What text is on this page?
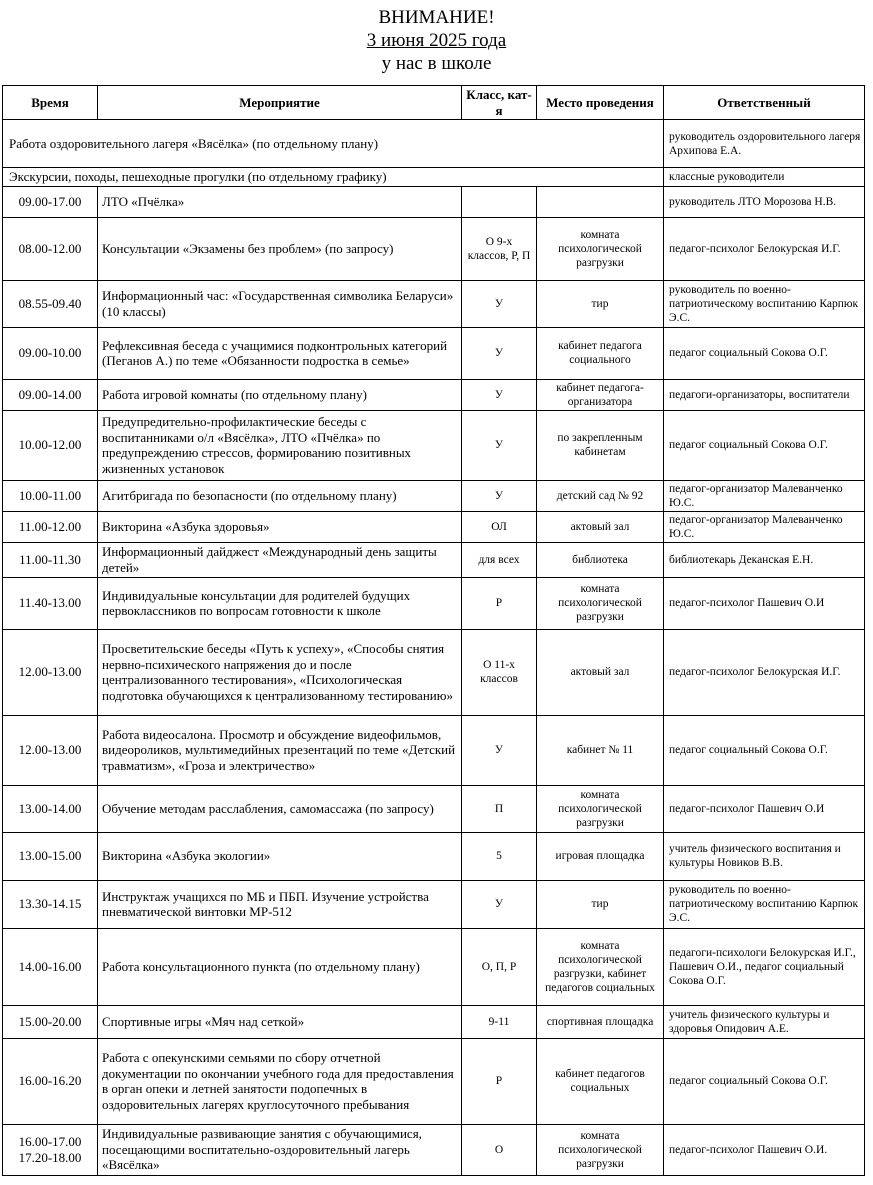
ВНИМАНИЕ!
3 июня 2025 года
у нас в школе
Время	Мероприятие	Класс, кат-я	Место проведения	Ответственный
Работа оздоровительного лагеря «Вясёлка» (по отдельному плану)				руководитель оздоровительного лагеря Архипова Е.А.
Экскурсии, походы, пешеходные прогулки (по отдельному графику)				классные руководители
09.00-17.00	ЛТО «Пчёлка»			руководитель ЛТО Морозова Н.В.
08.00-12.00	Консультации «Экзамены без проблем» (по запросу)	О 9-х классов, Р, П	комната психологической разгрузки	педагог-психолог Белокурская И.Г.
08.55-09.40	Информационный час: «Государственная символика Беларуси» (10 классы)	У	тир	руководитель по военно-патриотическому воспитанию Карпюк Э.С.
09.00-10.00	Рефлексивная беседа с учащимися подконтрольных категорий (Пеганов А.) по теме «Обязанности подростка в семье»	У	кабинет педагога социального	педагог социальный Сокова О.Г.
09.00-14.00	Работа игровой комнаты (по отдельному плану)	У	кабинет педагога-организатора	педагоги-организаторы, воспитатели
10.00-12.00	Предупредительно-профилактические беседы с воспитанниками о/л «Вясёлка», ЛТО «Пчёлка» по предупреждению стрессов, формированию позитивных жизненных установок	У	по закрепленным кабинетам	педагог социальный Сокова О.Г.
10.00-11.00	Агитбригада по безопасности (по отдельному плану)	У	детский сад № 92	педагог-организатор Малеванченко Ю.С.
11.00-12.00	Викторина «Азбука здоровья»	ОЛ	актовый зал	педагог-организатор Малеванченко Ю.С.
11.00-11.30	Информационный дайджест «Международный день защиты детей»	для всех	библиотека	библиотекарь Деканская Е.Н.
11.40-13.00	Индивидуальные консультации для родителей будущих первоклассников по вопросам готовности к школе	Р	комната психологической разгрузки	педагог-психолог Пашевич О.И
12.00-13.00	Просветительские беседы «Путь к успеху», «Способы снятия нервно-психического напряжения до и после централизованного тестирования», «Психологическая подготовка обучающихся к централизованному тестированию»	О 11-х классов	актовый зал	педагог-психолог Белокурская И.Г.
12.00-13.00	Работа видеосалона. Просмотр и обсуждение видеофильмов, видеороликов, мультимедийных презентаций по теме «Детский травматизм», «Гроза и электричество»	У	кабинет № 11	педагог социальный Сокова О.Г.
13.00-14.00	Обучение методам расслабления, самомассажа (по запросу)	П	комната психологической разгрузки	педагог-психолог Пашевич О.И
13.00-15.00	Викторина «Азбука экологии»	5	игровая площадка	учитель физического воспитания и культуры Новиков В.В.
13.30-14.15	Инструктаж учащихся по МБ и ПБП. Изучение устройства пневматической винтовки МР-512	У	тир	руководитель по военно-патриотическому воспитанию Карпюк Э.С.
14.00-16.00	Работа консультационного пункта (по отдельному плану)	О, П, Р	комната психологической разгрузки, кабинет педагогов социальных	педагоги-психологи Белокурская И.Г., Пашевич О.И., педагог социальный Сокова О.Г.
15.00-20.00	Спортивные игры «Мяч над сеткой»	9-11	спортивная площадка	учитель физического культуры и здоровья Опидович А.Е.
16.00-16.20	Работа с опекунскими семьями по сбору отчетной документации по окончании учебного года для предоставления в орган опеки и летней занятости подопечных в оздоровительных лагерях круглосуточного пребывания	Р	кабинет педагогов социальных	педагог социальный Сокова О.Г.
16.00-17.00 17.20-18.00	Индивидуальные развивающие занятия с обучающимися, посещающими воспитательно-оздоровительный лагерь «Вясёлка»	О	комната психологической разгрузки	педагог-психолог Пашевич О.И.
